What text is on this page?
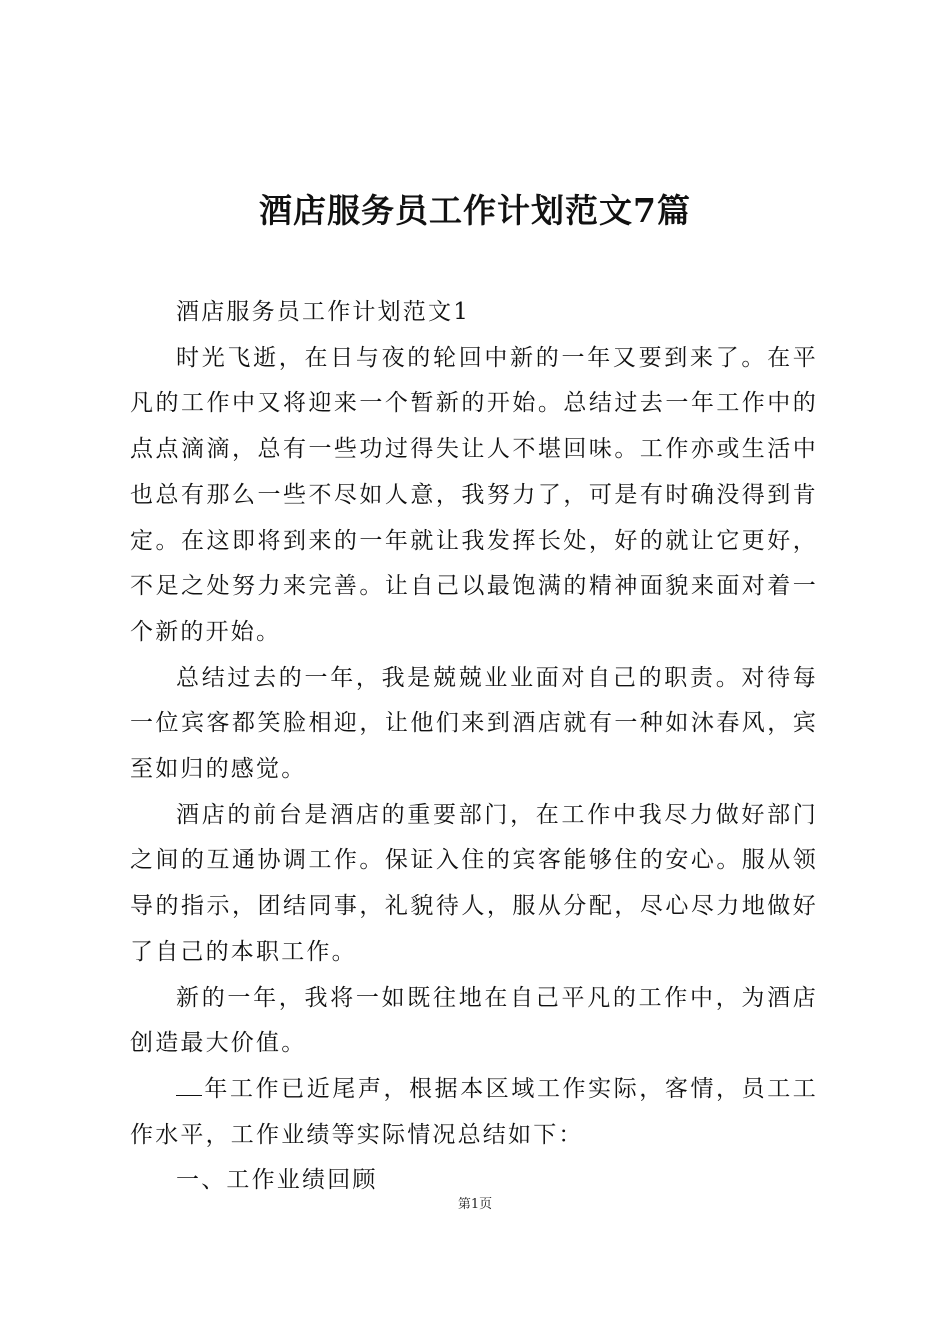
酒店服务员工作计划范文7篇

酒店服务员工作计划范文1

时光飞逝，在日与夜的轮回中新的一年又要到来了。在平凡的工作中又将迎来一个暂新的开始。总结过去一年工作中的点点滴滴，总有一些功过得失让人不堪回味。工作亦或生活中也总有那么一些不尽如人意，我努力了，可是有时确没得到肯定。在这即将到来的一年就让我发挥长处，好的就让它更好，不足之处努力来完善。让自己以最饱满的精神面貌来面对着一个新的开始。

总结过去的一年，我是兢兢业业面对自己的职责。对待每一位宾客都笑脸相迎，让他们来到酒店就有一种如沐春风，宾至如归的感觉。

酒店的前台是酒店的重要部门，在工作中我尽力做好部门之间的互通协调工作。保证入住的宾客能够住的安心。服从领导的指示，团结同事，礼貌待人，服从分配，尽心尽力地做好了自己的本职工作。

新的一年，我将一如既往地在自己平凡的工作中，为酒店创造最大价值。

年工作已近尾声，根据本区域工作实际，客情，员工工作水平，工作业绩等实际情况总结如下：

一、工作业绩回顾

第1页
